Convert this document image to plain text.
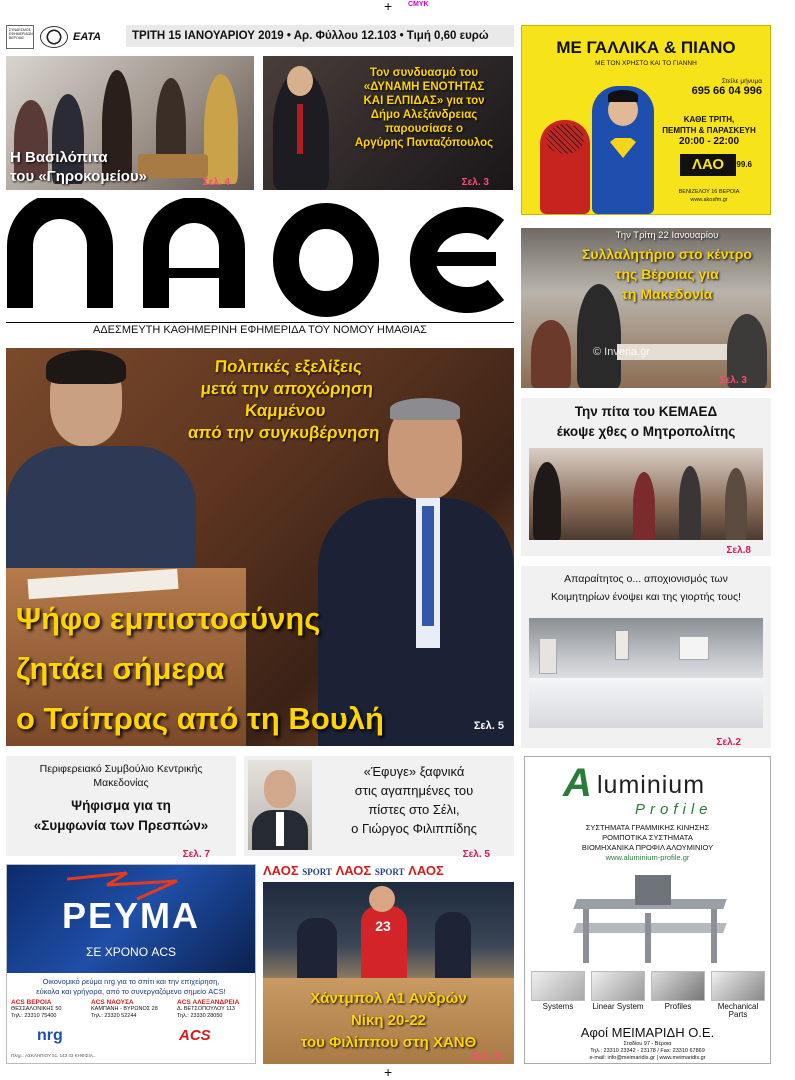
+ CMYK
+
ΣΥΝΔΕΣΜΟΣ ΕΦΗΜΕΡΙΔΩΝ ΒΕΡΟΙΑΣ	ΕΑΤΑ	ΤΡΙΤΗ 15 ΙΑΝΟΥΑΡΙΟΥ 2019 • Αρ. Φύλλου 12.103 • Τιμή 0,60 ευρώ
Η Βασιλόπιτα
του «Γηροκομείου»	Σελ. 4
Τον συνδυασμό του
«ΔΥΝΑΜΗ ΕΝΟΤΗΤΑΣ
ΚΑΙ ΕΛΠΙΔΑΣ» για τον
Δήμο Αλεξάνδρειας
παρουσίασε ο
Αργύρης Πανταζόπουλος
Σελ. 3
ΜΕ ΓΑΛΛΙΚΑ & ΠΙΑΝΟ
ΜΕ ΤΟΝ ΧΡΗΣΤΟ ΚΑΙ ΤΟ ΓΙΑΝΝΗ
Στείλε μήνυμα
695 66 04 996
ΚΑΘΕ ΤΡΙΤΗ,
ΠΕΜΠΤΗ & ΠΑΡΑΣΚΕΥΗ
20:00 - 22:00
ΛΑΟ	99.6
ΒΕΝΙΖΕΛΟΥ 16 ΒΕΡΟΙΑ
www.akosfm.gr
ΑΔΕΣΜΕΥΤΗ ΚΑΘΗΜΕΡΙΝΗ ΕΦΗΜΕΡΙΔΑ ΤΟΥ ΝΟΜΟΥ ΗΜΑΘΙΑΣ
Την Τρίτη 22 Ιανουαρίου
Συλλαλητήριο στο κέντρο
της Βέροιας για
τη Μακεδονία
© Inveria.gr
Σελ. 3
Πολιτικές εξελίξεις
μετά την αποχώρηση
Καμμένου
από την συγκυβέρνηση
Ψήφο εμπιστοσύνης
ζητάει σήμερα
ο Τσίπρας από τη Βουλή	Σελ. 5
Την πίτα του ΚΕΜΑΕΔ
έκοψε χθες ο Μητροπολίτης
Σελ.8
Απαραίτητος ο... αποχιονισμός των
Κοιμητηρίων ένοψει και της γιορτής τους!
Σελ.2
Περιφερειακό Συμβούλιο Κεντρικής
Μακεδονίας
Ψήφισμα για τη
«Συμφωνία των Πρεσπών»
Σελ. 7
«Έφυγε» ξαφνικά
στις αγαπημένες του
πίστες στο Σέλι,
ο Γιώργος Φιλιππίδης
Σελ. 5
A luminium
Profile
ΣΥΣΤΗΜΑΤΑ ΓΡΑΜΜΙΚΗΣ ΚΙΝΗΣΗΣ
ΡΟΜΠΟΤΙΚΑ ΣΥΣΤΗΜΑΤΑ
ΒΙΟΜΗΧΑΝΙΚΑ ΠΡΟΦΙΛ ΑΛΟΥΜΙΝΙΟΥ
www.aluminium-profile.gr
Systems	Linear System	Profiles	Mechanical Parts
Αφοί ΜΕΙΜΑΡΙΔΗ Ο.Ε.
Σταδίου 97 - Βέροια
Τηλ.: 23310 23342 - 23178 / Fax: 23310 67869
e-mail: info@meimaridis.gr | www.meimaridis.gr
ΡΕΥΜΑ
ΣΕ ΧΡΟΝΟ ACS
Οικονομικό ρεύμα nrg για το σπίτι και την επιχείρηση,
εύκολα και γρήγορα, από το συνεργαζόμενο σημείο ACS!
ACS ΒΕΡΟΙΑ
ΘΕΣΣΑΛΟΝΙΚΗΣ 50
Τηλ.: 23310 75400
ACS ΝΑΟΥΣΑ
ΚΑΜΠΑΝΗ - ΒΥΡΩΝΟΣ 28
Τηλ.: 23320 52244
ACS ΑΛΕΞΑΝΔΡΕΙΑ
Δ. ΒΕΤΣΟΠΟΥΛΟΥ 113
Τηλ.: 23330 28050
nrg	ACS
Πληρ.: ΑΣΚΛΗΠΙΟΥ 51, 143 43 ΚΗΦΙΣΙΑ...
ΛΑΟΣ SPORT ΛΑΟΣ SPORT ΛΑΟΣ
23
Χάντμπολ Α1 Ανδρών
Νίκη 20-22
του Φιλίππου στη ΧΑΝΘ
Σελ. 11
